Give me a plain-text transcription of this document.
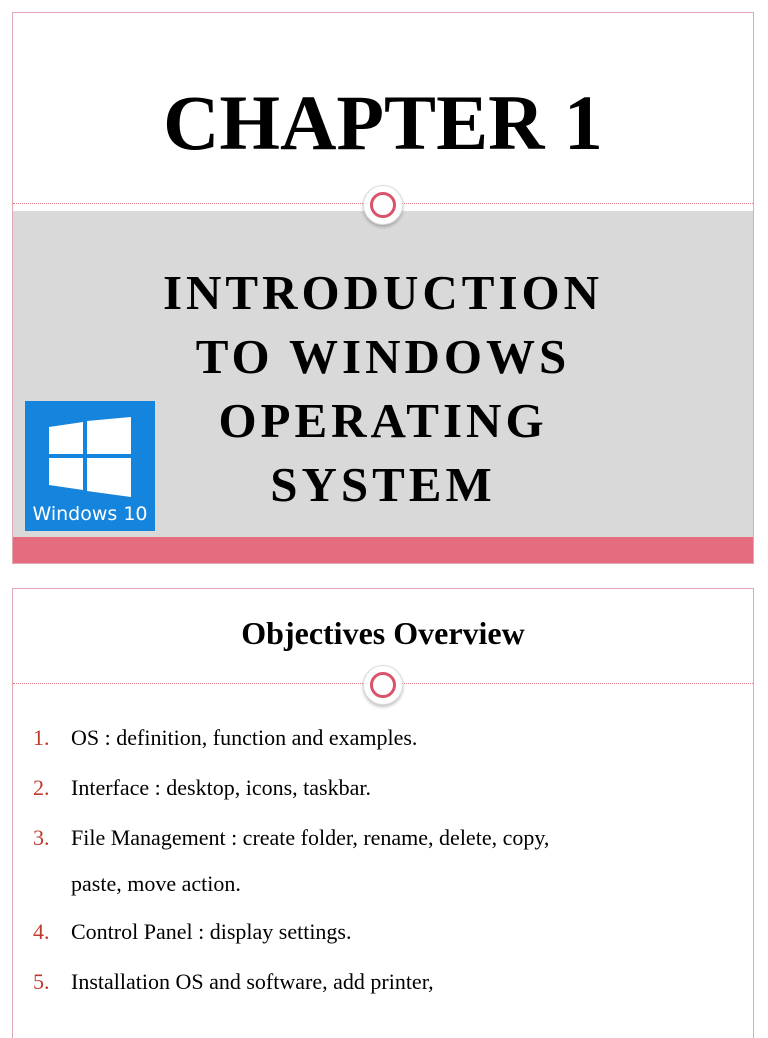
CHAPTER 1
INTRODUCTION
TO WINDOWS
OPERATING
SYSTEM
Windows 10
Objectives Overview
1. OS : definition, function and examples.
2. Interface : desktop, icons, taskbar.
3. File Management : create folder, rename, delete, copy,
paste, move action.
4. Control Panel : display settings.
5. Installation OS and software, add printer,
